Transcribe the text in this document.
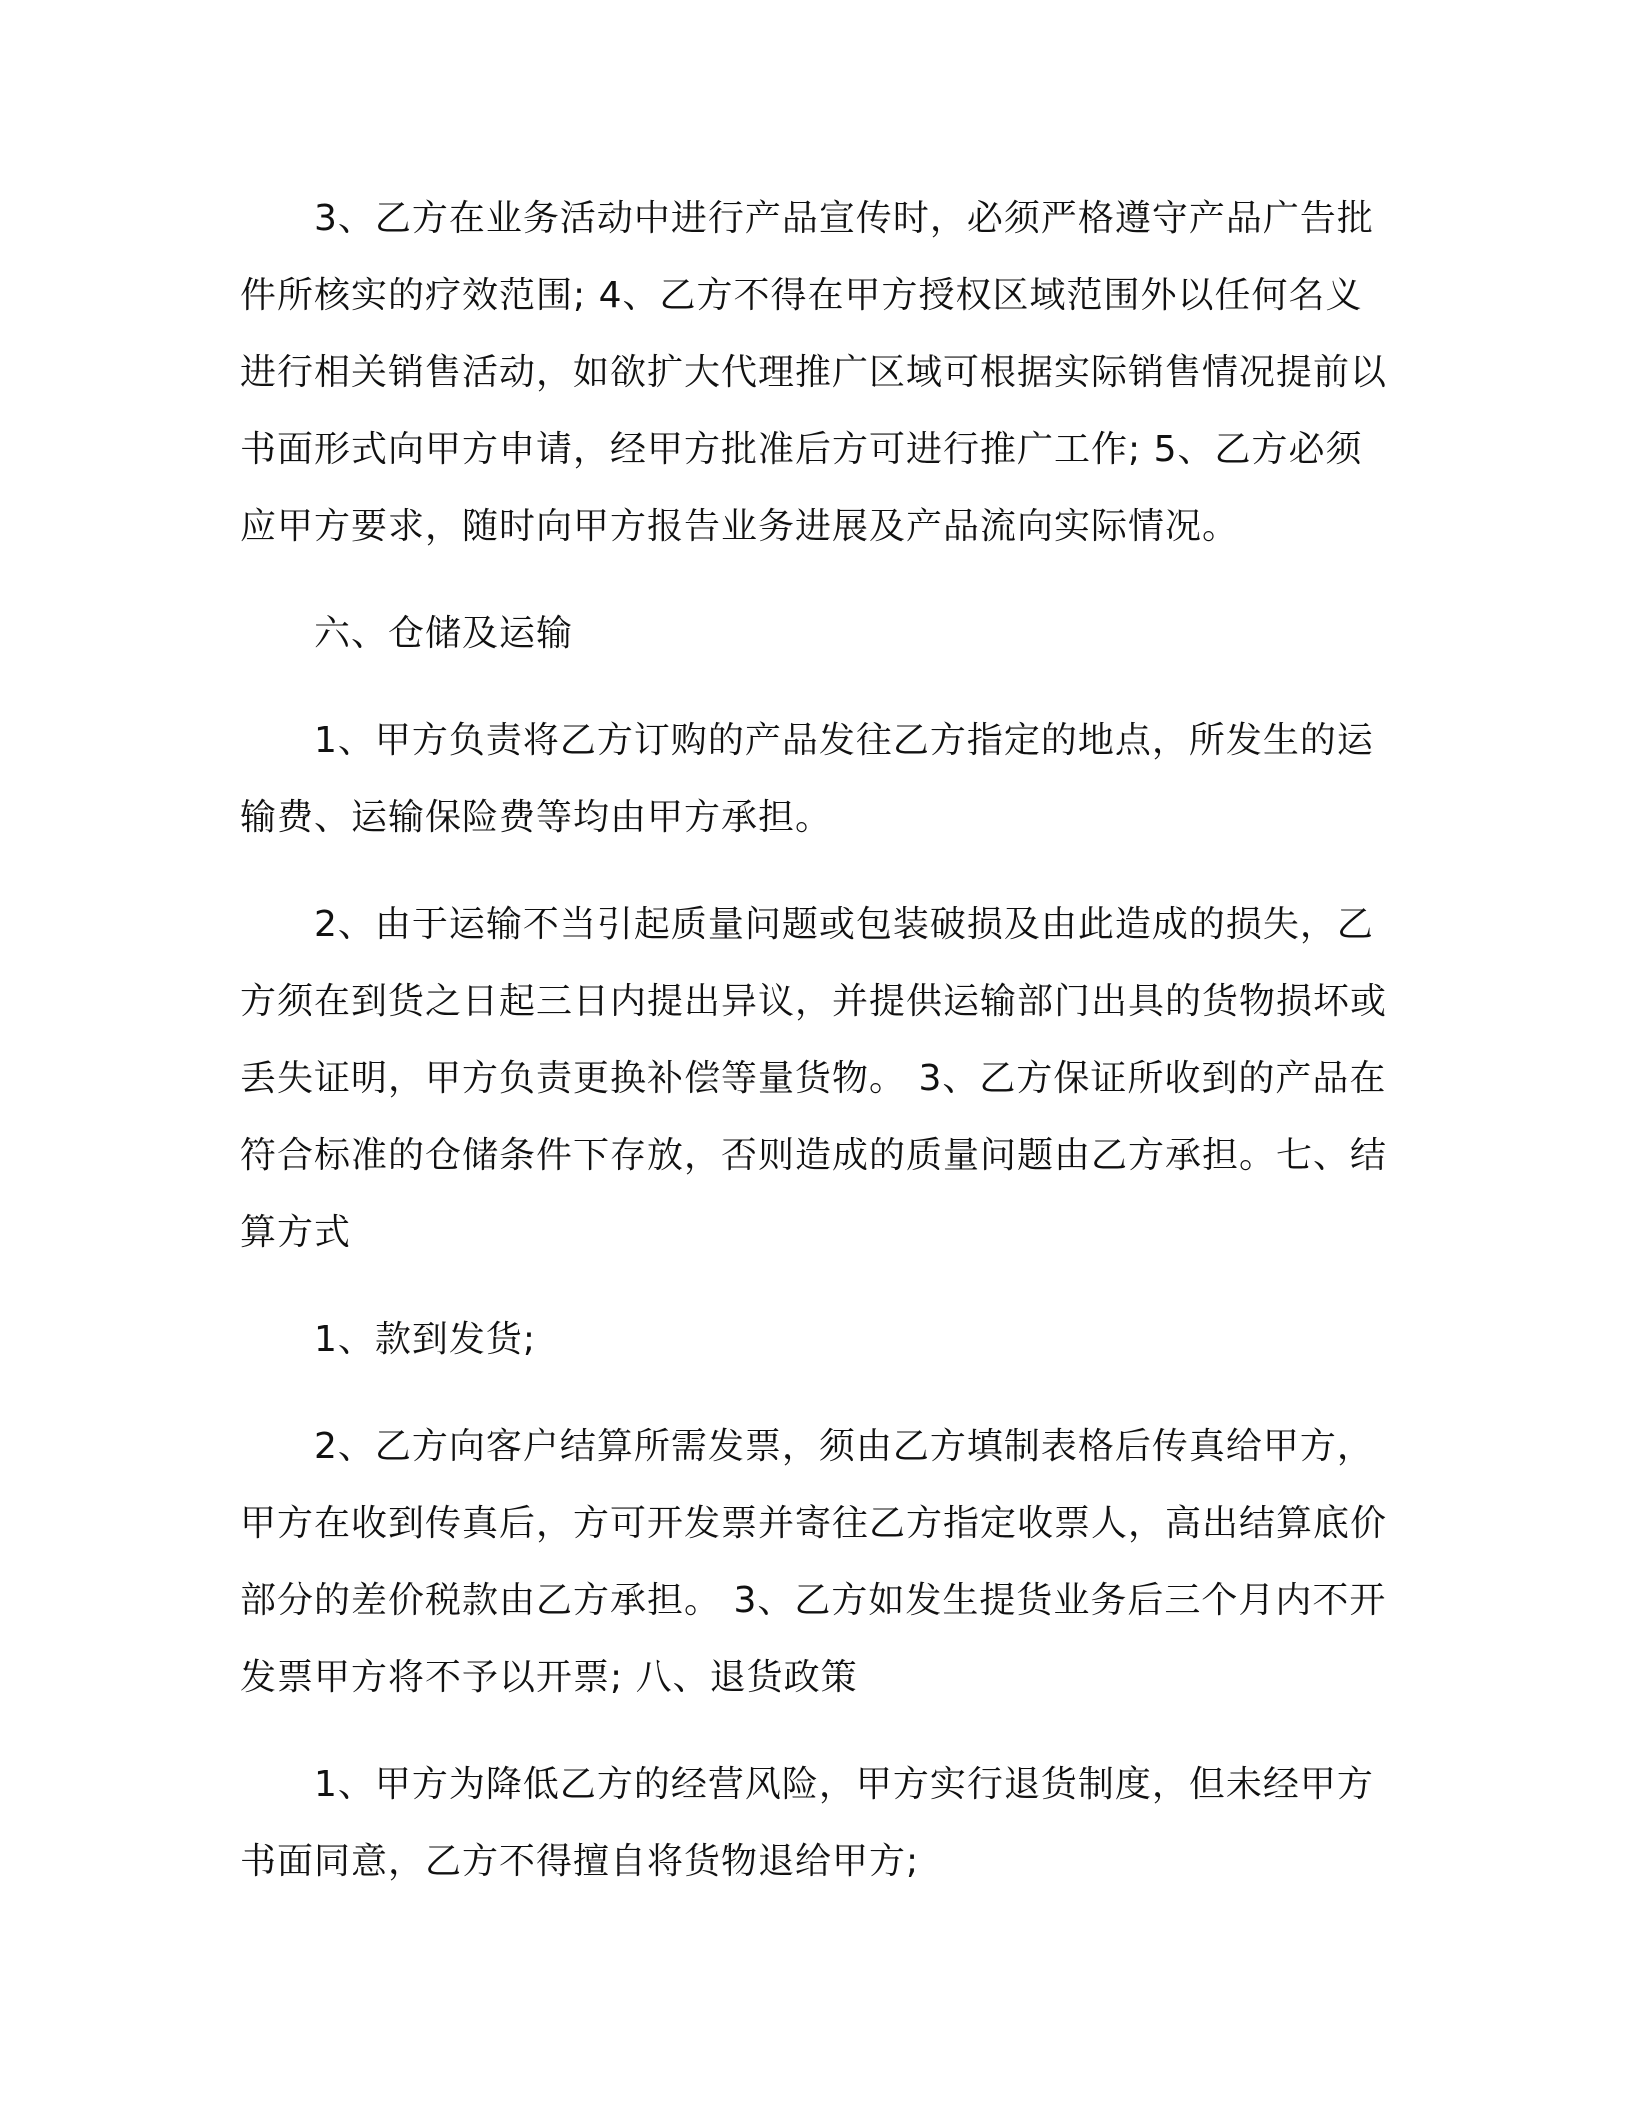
　　3、乙方在业务活动中进行产品宣传时，必须严格遵守产品广告批件所核实的疗效范围; 4、乙方不得在甲方授权区域范围外以任何名义进行相关销售活动，如欲扩大代理推广区域可根据实际销售情况提前以书面形式向甲方申请，经甲方批准后方可进行推广工作; 5、乙方必须应甲方要求，随时向甲方报告业务进展及产品流向实际情况。

　　六、仓储及运输

　　1、甲方负责将乙方订购的产品发往乙方指定的地点，所发生的运输费、运输保险费等均由甲方承担。

　　2、由于运输不当引起质量问题或包装破损及由此造成的损失，乙方须在到货之日起三日内提出异议，并提供运输部门出具的货物损坏或丢失证明，甲方负责更换补偿等量货物。 3、乙方保证所收到的产品在符合标准的仓储条件下存放，否则造成的质量问题由乙方承担。七、结算方式

　　1、款到发货;

　　2、乙方向客户结算所需发票，须由乙方填制表格后传真给甲方，甲方在收到传真后，方可开发票并寄往乙方指定收票人，高出结算底价部分的差价税款由乙方承担。 3、乙方如发生提货业务后三个月内不开发票甲方将不予以开票; 八、退货政策

　　1、甲方为降低乙方的经营风险，甲方实行退货制度，但未经甲方书面同意，乙方不得擅自将货物退给甲方;
